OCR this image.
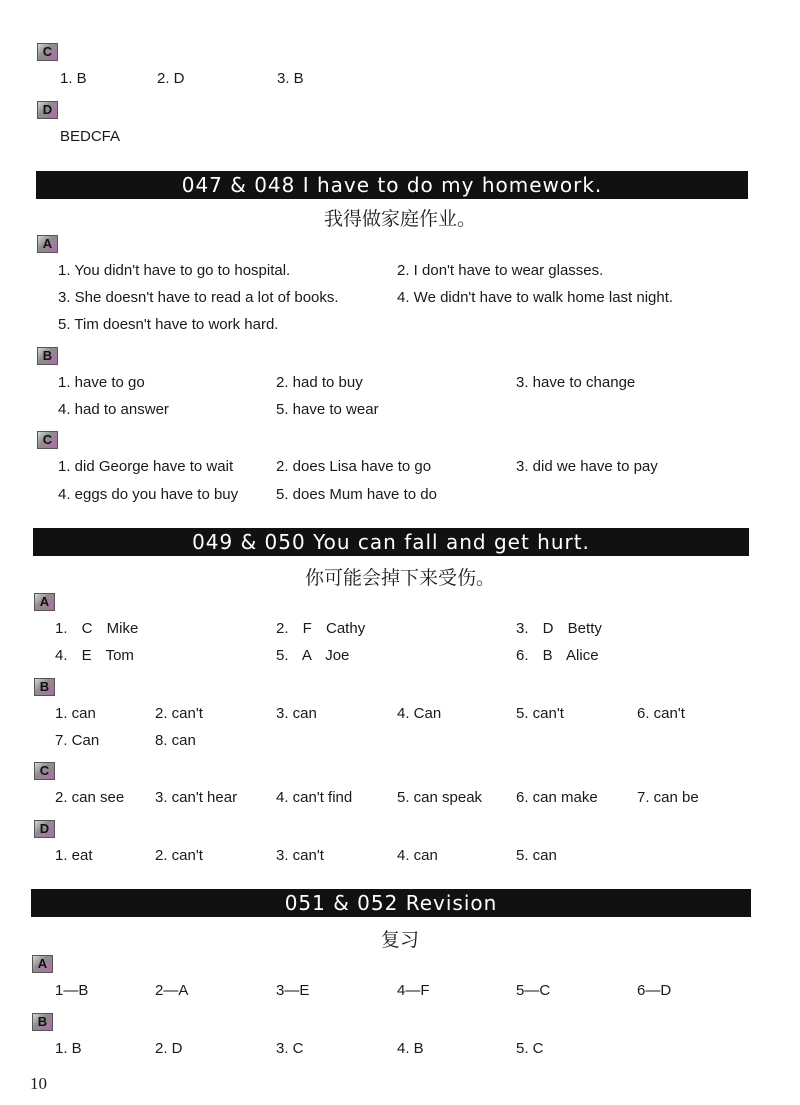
C
1. B	2. D	3. B
D
BEDCFA
047 & 048 I have to do my homework.
我得做家庭作业。
A
1. You didn't have to go to hospital.	2. I don't have to wear glasses.
3. She doesn't have to read a lot of books.	4. We didn't have to walk home last night.
5. Tim doesn't have to work hard.
B
1. have to go	2. had to buy	3. have to change
4. had to answer	5. have to wear
C
1. did George have to wait	2. does Lisa have to go	3. did we have to pay
4. eggs do you have to buy	5. does Mum have to do
049 & 050 You can fall and get hurt.
你可能会掉下来受伤。
A
1. C Mike	2. F Cathy	3. D Betty
4. E Tom	5. A Joe	6. B Alice
B
1. can	2. can't	3. can	4. Can	5. can't	6. can't
7. Can	8. can
C
2. can see 3. can't hear	4. can't find	5. can speak 6. can make	7. can be
D
1. eat	2. can't	3. can't	4. can	5. can
051 & 052 Revision
复习
A
1—B	2—A	3—E	4—F	5—C	6—D
B
1. B	2. D	3. C	4. B	5. C
10
